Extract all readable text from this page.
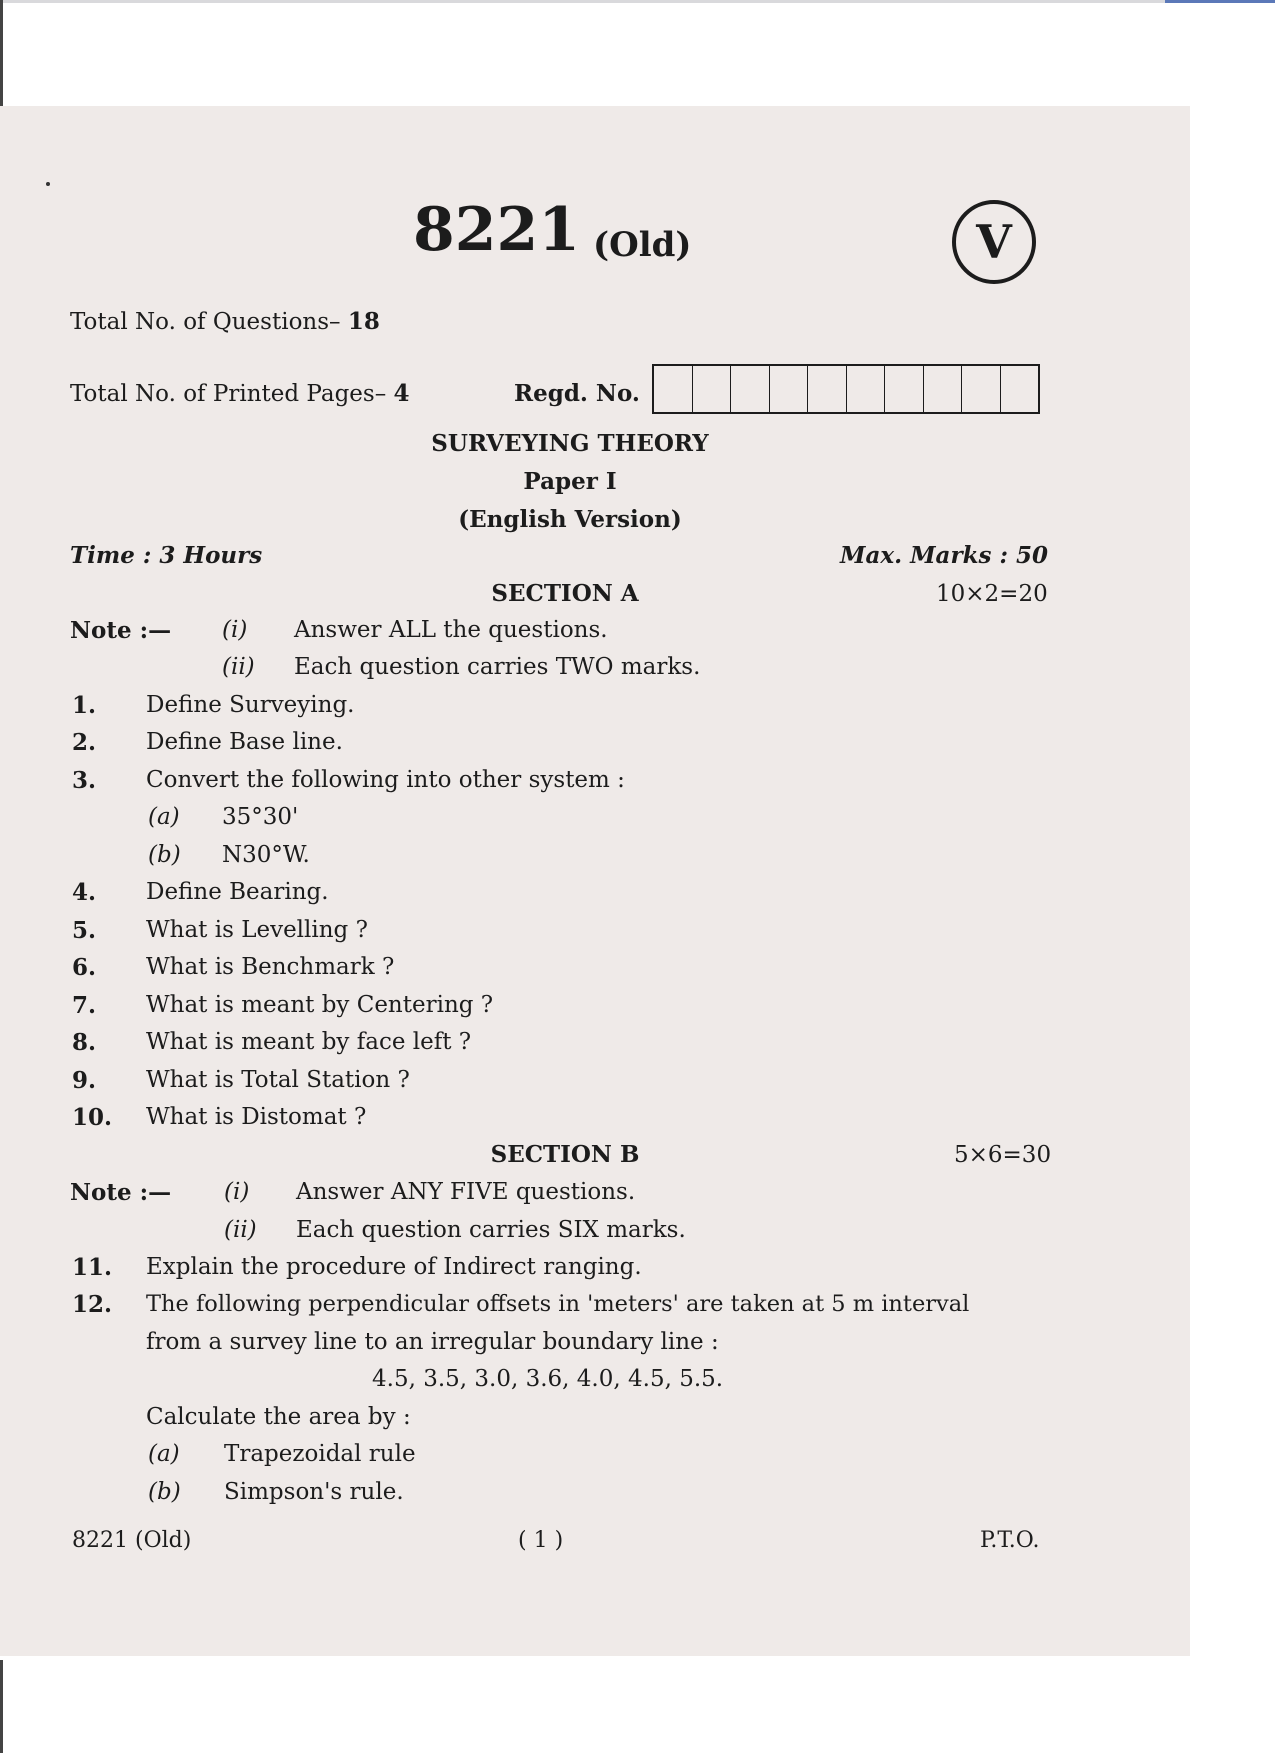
8221 (Old)	V
Total No. of Questions– 18
Total No. of Printed Pages– 4	Regd. No.
SURVEYING THEORY
Paper I
(English Version)
Time : 3 Hours	Max. Marks : 50
SECTION A	10×2=20
Note :— (i) Answer ALL the questions.
(ii) Each question carries TWO marks.
1. Define Surveying.
2. Define Base line.
3. Convert the following into other system :
(a) 35°30'
(b) N30°W.
4. Define Bearing.
5. What is Levelling ?
6. What is Benchmark ?
7. What is meant by Centering ?
8. What is meant by face left ?
9. What is Total Station ?
10. What is Distomat ?
SECTION B	5×6=30
Note :— (i) Answer ANY FIVE questions.
(ii) Each question carries SIX marks.
11. Explain the procedure of Indirect ranging.
12. The following perpendicular offsets in 'meters' are taken at 5 m interval
from a survey line to an irregular boundary line :
4.5, 3.5, 3.0, 3.6, 4.0, 4.5, 5.5.
Calculate the area by :
(a) Trapezoidal rule
(b) Simpson's rule.
8221 (Old)	( 1 )	P.T.O.
